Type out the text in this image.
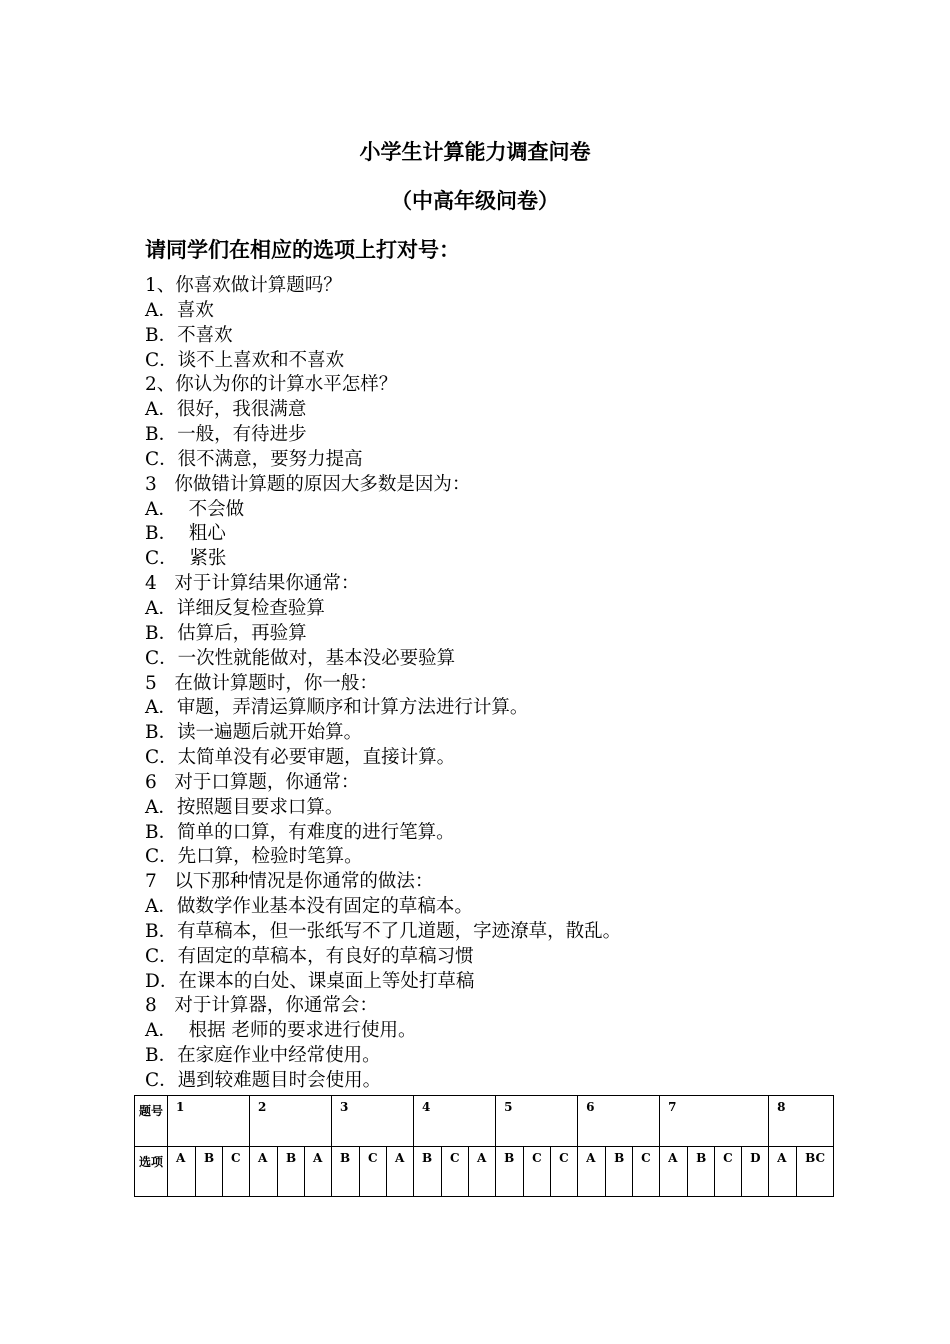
小学生计算能力调查问卷
（中高年级问卷）
请同学们在相应的选项上打对号：
1、你喜欢做计算题吗？
A．喜欢
B．不喜欢
C．谈不上喜欢和不喜欢
2、你认为你的计算水平怎样？
A．很好，我很满意
B．一般，有待进步
C．很不满意，要努力提高
3   你做错计算题的原因大多数是因为：
A．  不会做
B．  粗心
C．  紧张
4   对于计算结果你通常：
A．详细反复检查验算
B．估算后，再验算
C．一次性就能做对，基本没必要验算
5   在做计算题时，你一般：
A．审题，弄清运算顺序和计算方法进行计算。
B．读一遍题后就开始算。
C．太简单没有必要审题，直接计算。
6   对于口算题，你通常：
A．按照题目要求口算。
B．简单的口算，有难度的进行笔算。
C．先口算，检验时笔算。
7   以下那种情况是你通常的做法：
A．做数学作业基本没有固定的草稿本。
B．有草稿本，但一张纸写不了几道题，字迹潦草，散乱。
C．有固定的草稿本，有良好的草稿习惯
D．在课本的白处、课桌面上等处打草稿
8   对于计算器，你通常会：
A．  根据 老师的要求进行使用。
B．在家庭作业中经常使用。
C．遇到较难题目时会使用。
题号	1			2			3			4			5			6			7				8	
选项	A	B	C	A	B	A	B	C	A	B	C	A	B	C	C	A	B	C	A	B	C	D	A	BC
